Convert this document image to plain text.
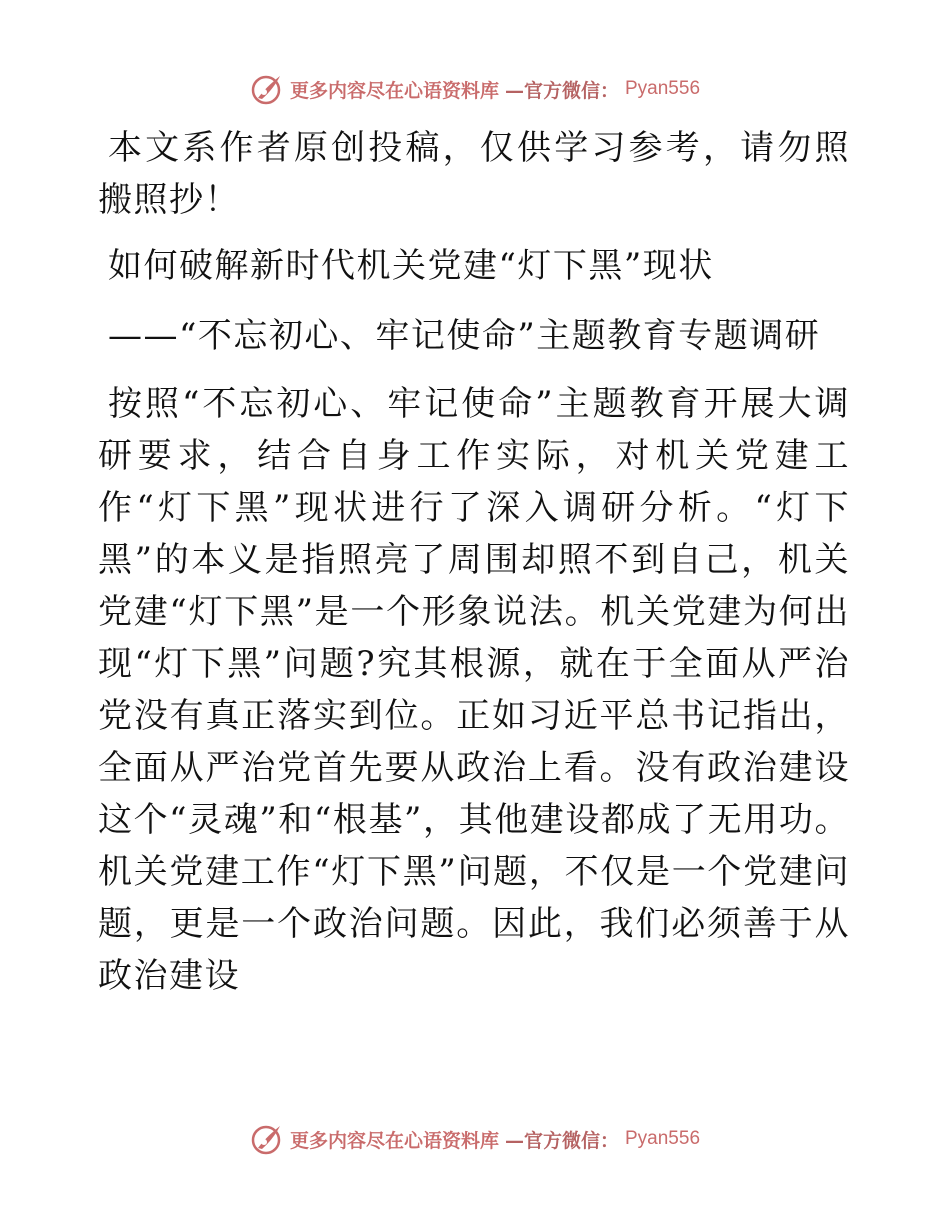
更多内容尽在心语资料库 —官方微信： Pyan556

本文系作者原创投稿，仅供学习参考，请勿照搬照抄！

如何破解新时代机关党建“灯下黑”现状

——“不忘初心、牢记使命”主题教育专题调研

按照“不忘初心、牢记使命”主题教育开展大调研要求，结合自身工作实际，对机关党建工作“灯下黑”现状进行了深入调研分析。“灯下黑”的本义是指照亮了周围却照不到自己，机关党建“灯下黑”是一个形象说法。机关党建为何出现“灯下黑”问题?究其根源，就在于全面从严治党没有真正落实到位。正如习近平总书记指出，全面从严治党首先要从政治上看。没有政治建设这个“灵魂”和“根基”，其他建设都成了无用功。机关党建工作“灯下黑”问题，不仅是一个党建问题，更是一个政治问题。因此，我们必须善于从政治建设

更多内容尽在心语资料库 —官方微信： Pyan556
